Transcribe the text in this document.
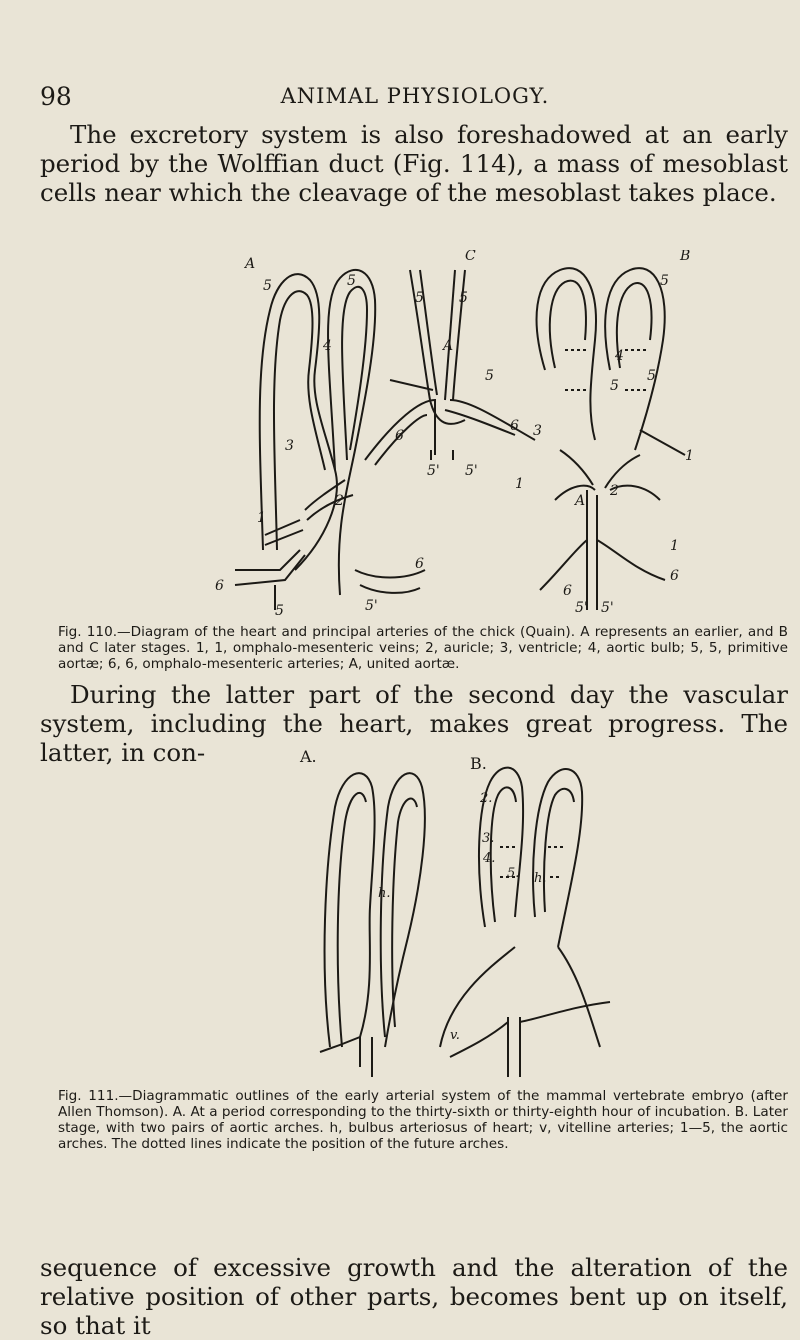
98	ANIMAL PHYSIOLOGY.

The excretory system is also foreshadowed at an early period by the Wolffian duct (Fig. 114), a mass of mesoblast cells near which the cleavage of the mesoblast takes place.

A	C	B
5	5
4
3
2
1
6
6
5	5'
5	5
A
6
6
5' 5'
5
5
4
5
3
5
1
1
A'
2
1
6
6
5' 5'
Fig. 110.—Diagram of the heart and principal arteries of the chick (Quain). A represents an earlier, and B and C later stages. 1, 1, omphalo-mesenteric veins; 2, auricle; 3, ventricle; 4, aortic bulb; 5, 5, primitive aortæ; 6, 6, omphalo-mesenteric arteries; A, united aortæ.

During the latter part of the second day the vascular system, including the heart, makes great progress. The latter, in con-	A.	B.
2.
3.
4.
5.
h.
h.
v.
Fig. 111.—Diagrammatic outlines of the early arterial system of the mammal vertebrate embryo (after Allen Thomson). A. At a period corresponding to the thirty-sixth or thirty-eighth hour of incubation. B. Later stage, with two pairs of aortic arches. h, bulbus arteriosus of heart; v, vitelline arteries; 1—5, the aortic arches. The dotted lines indicate the position of the future arches.

sequence of excessive growth and the alteration of the relative position of other parts, becomes bent up on itself, so that it
